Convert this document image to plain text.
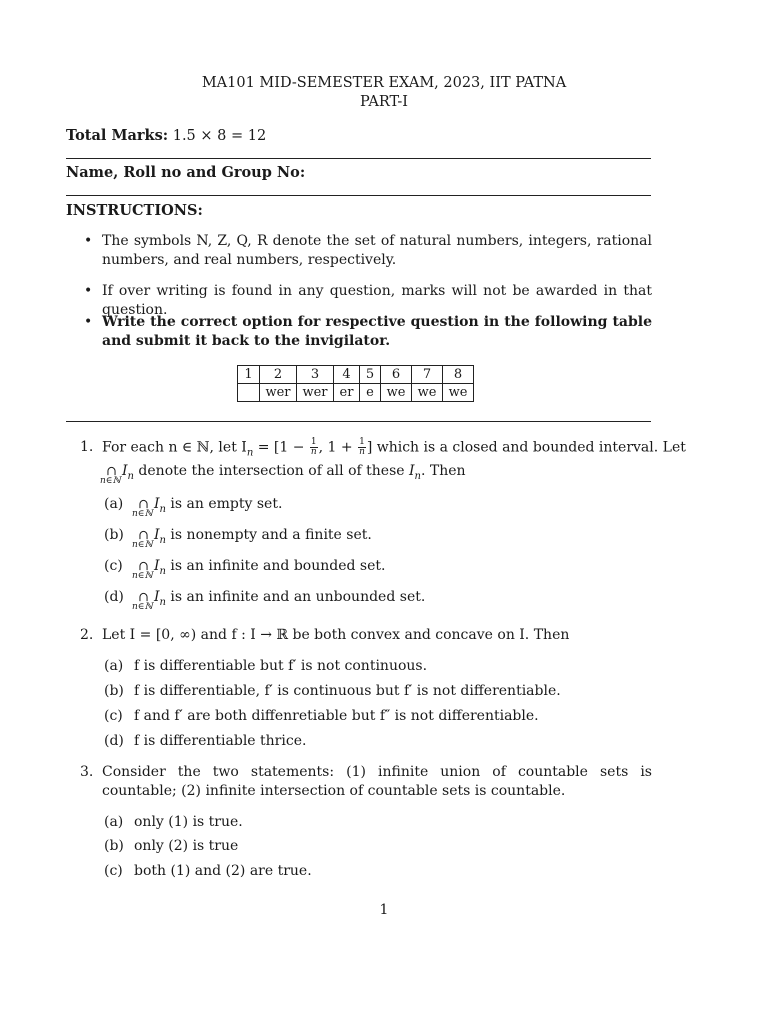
MA101 MID-SEMESTER EXAM, 2023, IIT PATNA
PART-I
Total Marks: 1.5 × 8 = 12
Name, Roll no and Group No:
INSTRUCTIONS:
• The symbols N, Z, Q, R denote the set of natural numbers, integers, rational numbers, and real numbers, respectively.
• If over writing is found in any question, marks will not be awarded in that question.
• Write the correct option for respective question in the following table and submit it back to the invigilator.
1	2	3	4	5	6	7	8
	wer	wer	er	e	we	we	we
1. For each n ∈ ℕ, let $I_n = [1 - \frac{1}{n}$ , $1 + \frac{1}{n}$ ] which is a closed and bounded interval. Let
∩
n∈ℕ
$I_n$ denote the intersection of all of these $I_n$. Then
(a) ∩
n∈ℕ
$I_n$ is an empty set.
(b) ∩
n∈ℕ
$I_n$ is nonempty and a finite set.
(c) ∩
n∈ℕ
$I_n$ is an infinite and bounded set.
(d) ∩
n∈ℕ
$I_n$ is an infinite and an unbounded set.
2. Let I = [0, ∞) and f : I → ℝ be both convex and concave on I. Then
(a) f is differentiable but f′ is not continuous.
(b) f is differentiable, f′ is continuous but f′ is not differentiable.
(c) f and f′ are both diffenretiable but f″ is not differentiable.
(d) f is differentiable thrice.
3. Consider the two statements: (1) infinite union of countable sets is countable; (2) infinite intersection of countable sets is countable.
(a) only (1) is true.
(b) only (2) is true
(c) both (1) and (2) are true.
1
